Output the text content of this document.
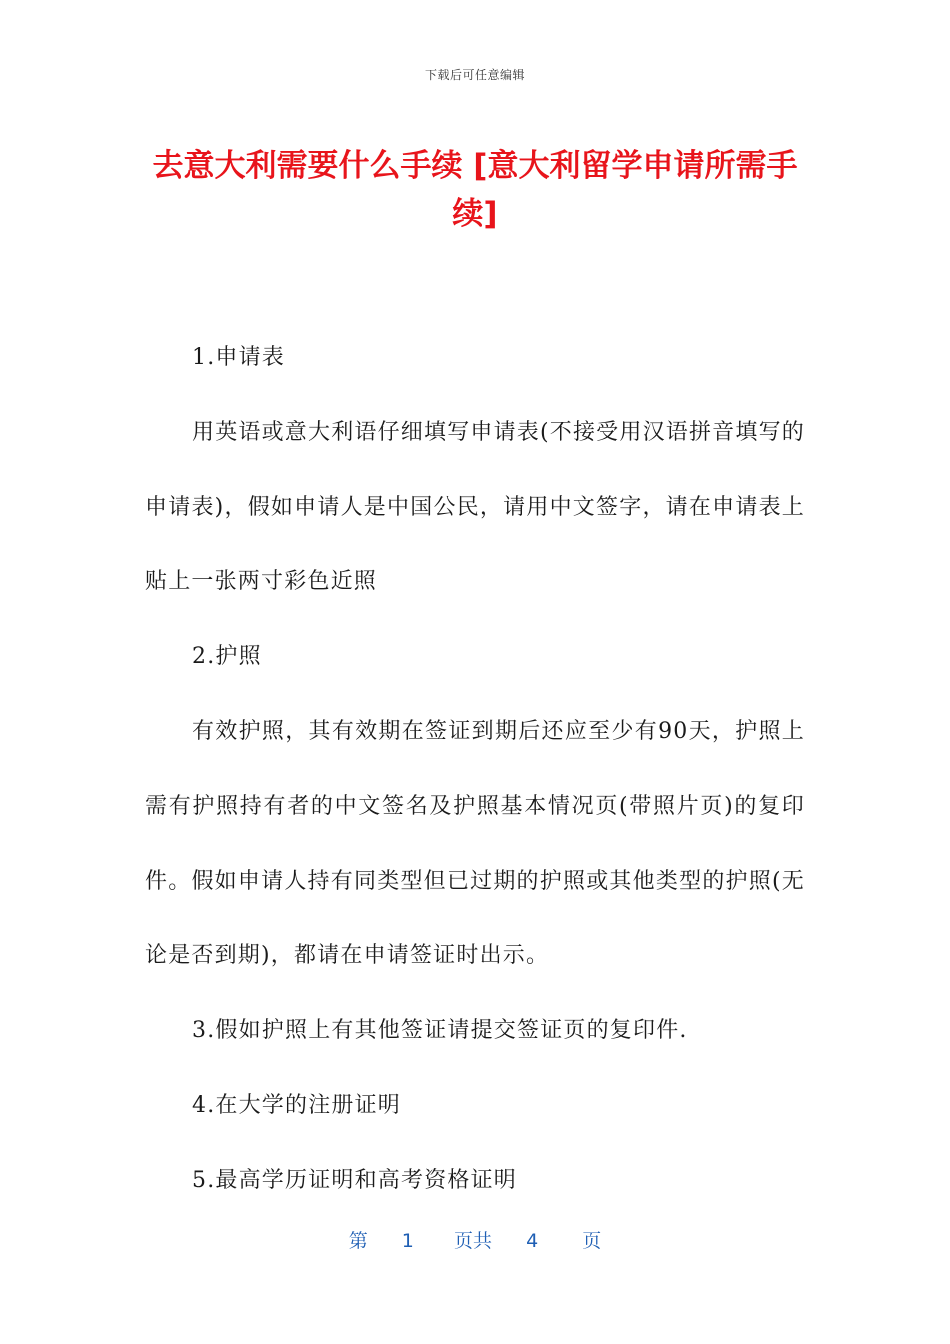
下载后可任意编辑
去意大利需要什么手续 [意大利留学申请所需手续]

1.申请表

用英语或意大利语仔细填写申请表(不接受用汉语拼音填写的申请表)，假如申请人是中国公民，请用中文签字，请在申请表上贴上一张两寸彩色近照

2.护照

有效护照，其有效期在签证到期后还应至少有90天，护照上需有护照持有者的中文签名及护照基本情况页(带照片页)的复印件。假如申请人持有同类型但已过期的护照或其他类型的护照(无论是否到期)，都请在申请签证时出示。

3.假如护照上有其他签证请提交签证页的复印件.

4.在大学的注册证明

5.最高学历证明和高考资格证明

第 1 页共 4 页
